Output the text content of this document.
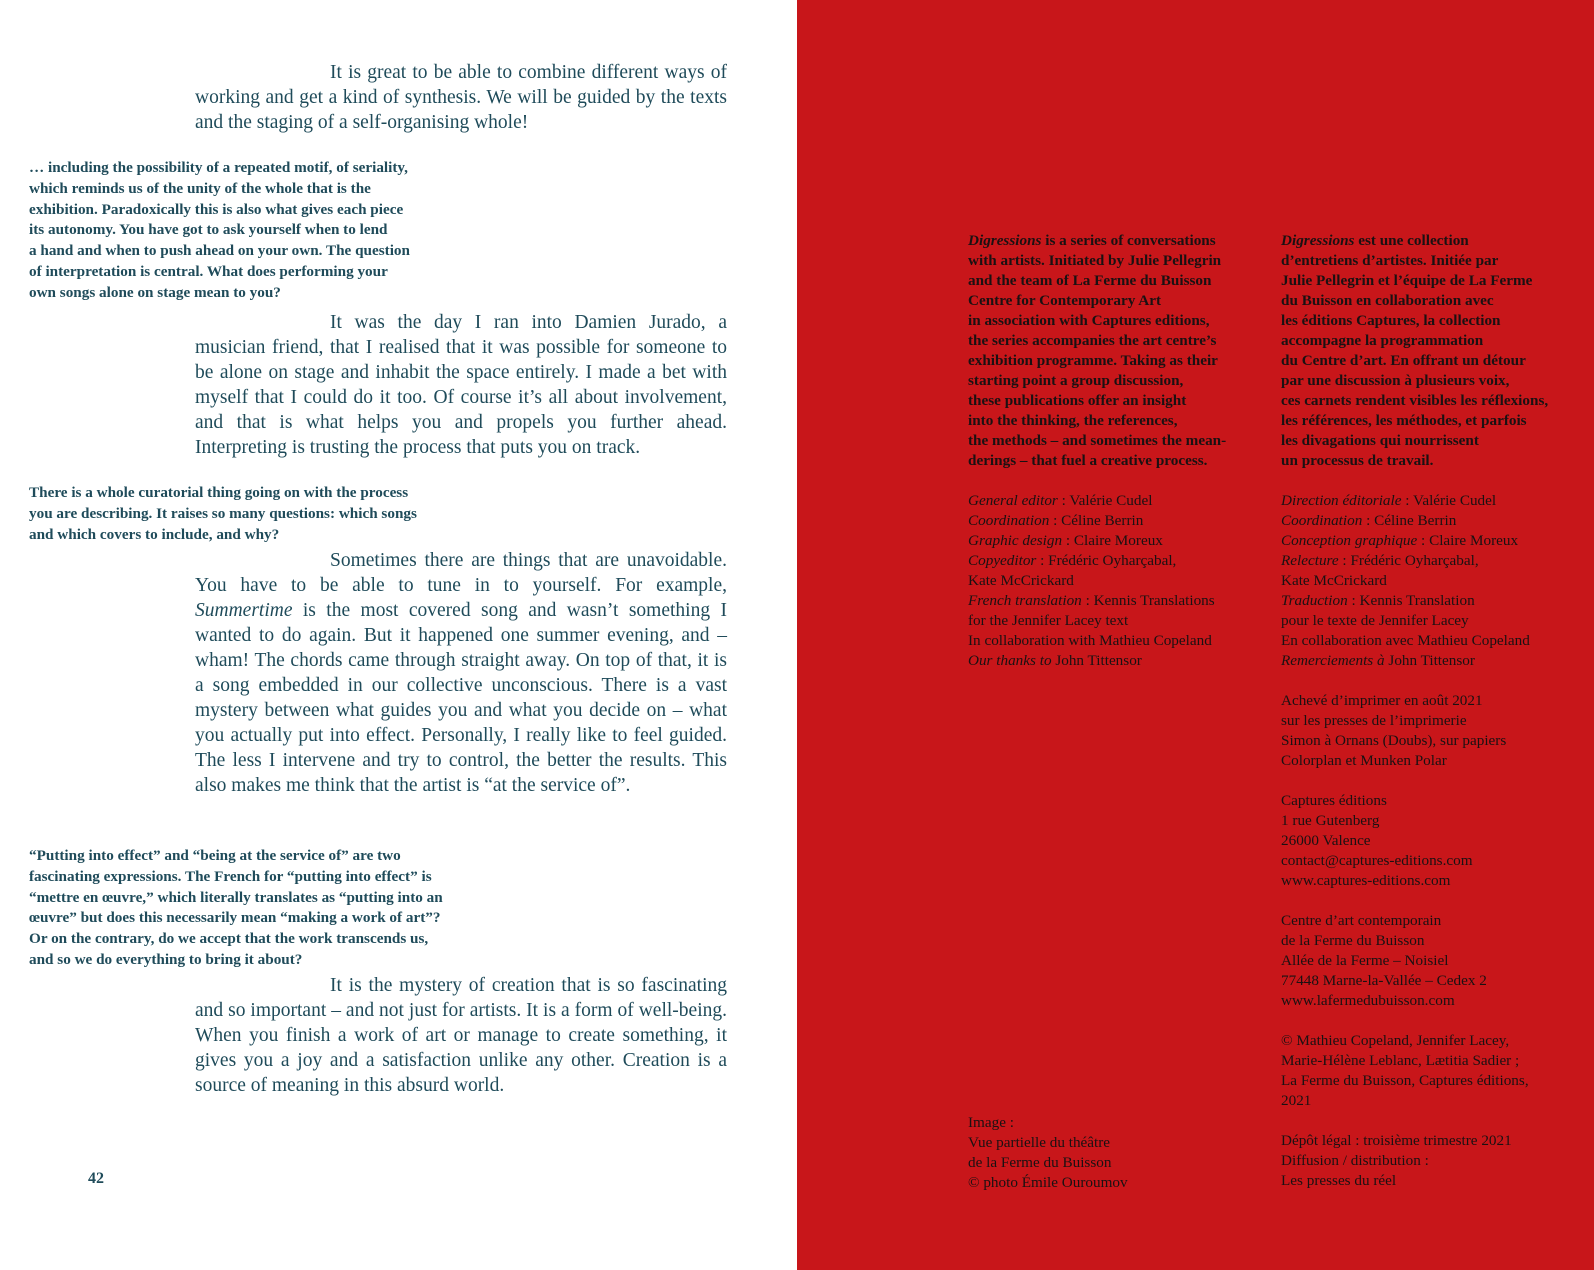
It is great to be able to combine different ways of working and get a kind of synthesis. We will be guided by the texts and the staging of a self-organising whole!

… including the possibility of a repeated motif, of seriality,
which reminds us of the unity of the whole that is the
exhibition. Paradoxically this is also what gives each piece
its autonomy. You have got to ask yourself when to lend
a hand and when to push ahead on your own. The question
of interpretation is central. What does performing your
own songs alone on stage mean to you?

It was the day I ran into Damien Jurado, a musician friend, that I realised that it was possible for someone to be alone on stage and inhabit the space entirely. I made a bet with myself that I could do it too. Of course it’s all about involvement, and that is what helps you and propels you further ahead. Interpreting is trusting the process that puts you on track.

There is a whole curatorial thing going on with the process
you are describing. It raises so many questions: which songs
and which covers to include, and why?

Sometimes there are things that are unavoidable. You have to be able to tune in to yourself. For example, Summertime is the most covered song and wasn’t something I wanted to do again. But it happened one summer evening, and – wham! The chords came through straight away. On top of that, it is a song embedded in our collective unconscious. There is a vast mystery between what guides you and what you decide on – what you actually put into effect. Personally, I really like to feel guided. The less I intervene and try to control, the better the results. This also makes me think that the artist is “at the service of”.

“Putting into effect” and “being at the service of” are two
fascinating expressions. The French for “putting into effect” is
“mettre en œuvre,” which literally translates as “putting into an
œuvre” but does this necessarily mean “making a work of art”?
Or on the contrary, do we accept that the work transcends us,
and so we do everything to bring it about?

It is the mystery of creation that is so fascinating and so important – and not just for artists. It is a form of well-being. When you finish a work of art or manage to create something, it gives you a joy and a satisfaction unlike any other. Creation is a source of meaning in this absurd world.

42
Digressions is a series of conversations
with artists. Initiated by Julie Pellegrin
and the team of La Ferme du Buisson
Centre for Contemporary Art
in association with Captures editions,
the series accompanies the art centre’s
exhibition programme. Taking as their
starting point a group discussion,
these publications offer an insight
into the thinking, the references,
the methods – and sometimes the mean-
derings – that fuel a creative process.
General editor : Valérie Cudel
Coordination : Céline Berrin
Graphic design : Claire Moreux
Copyeditor : Frédéric Oyharçabal,
Kate McCrickard
French translation : Kennis Translations
for the Jennifer Lacey text
In collaboration with Mathieu Copeland
Our thanks to John Tittensor
Image :
Vue partielle du théâtre
de la Ferme du Buisson
© photo Émile Ouroumov
Digressions est une collection
d’entretiens d’artistes. Initiée par
Julie Pellegrin et l’équipe de La Ferme
du Buisson en collaboration avec
les éditions Captures, la collection
accompagne la programmation
du Centre d’art. En offrant un détour
par une discussion à plusieurs voix,
ces carnets rendent visibles les réflexions,
les références, les méthodes, et parfois
les divagations qui nourrissent
un processus de travail.
Direction éditoriale : Valérie Cudel
Coordination : Céline Berrin
Conception graphique : Claire Moreux
Relecture : Frédéric Oyharçabal,
Kate McCrickard
Traduction : Kennis Translation
pour le texte de Jennifer Lacey
En collaboration avec Mathieu Copeland
Remerciements à John Tittensor
Achevé d’imprimer en août 2021
sur les presses de l’imprimerie
Simon à Ornans (Doubs), sur papiers
Colorplan et Munken Polar
Captures éditions
1 rue Gutenberg
26000 Valence
contact@captures-editions.com
www.captures-editions.com
Centre d’art contemporain
de la Ferme du Buisson
Allée de la Ferme – Noisiel
77448 Marne-la-Vallée – Cedex 2
www.lafermedubuisson.com
© Mathieu Copeland, Jennifer Lacey,
Marie-Hélène Leblanc, Lætitia Sadier ;
La Ferme du Buisson, Captures éditions,
2021
Dépôt légal : troisième trimestre 2021
Diffusion / distribution :
Les presses du réel
